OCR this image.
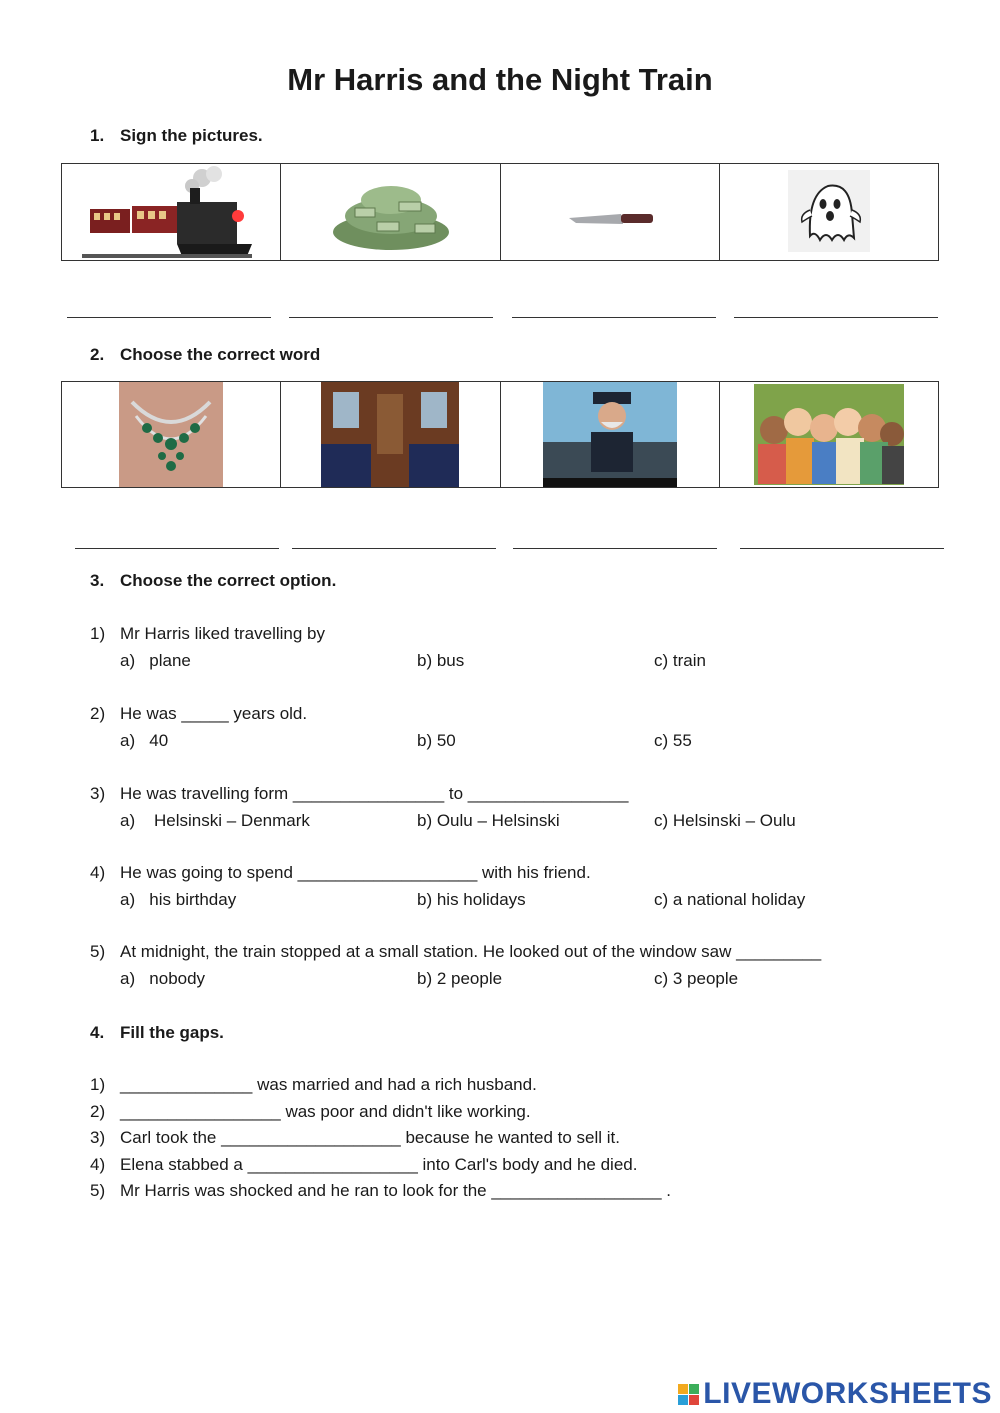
Mr Harris and the Night Train
1. Sign the pictures.
2. Choose the correct word
3. Choose the correct option.
1) Mr Harris liked travelling by
a)   plane	b) bus	c) train
2) He was _____ years old.
a)   40	b) 50	c) 55
3) He was travelling form ________________ to _________________
a)    Helsinski – Denmark	b) Oulu – Helsinski	c) Helsinski – Oulu
4) He was going to spend ___________________ with his friend.
a)   his birthday	b) his holidays	c) a national holiday
5) At midnight, the train stopped at a small station. He looked out of the window saw _________
a)   nobody	b) 2 people	c) 3 people
4. Fill the gaps.
1) ______________ was married and had a rich husband.
2) _________________ was poor and didn't like working.
3) Carl took the ___________________ because he wanted to sell it.
4) Elena stabbed a __________________ into Carl's body and he died.
5) Mr Harris was shocked and he ran to look for the __________________ .
LIVEWORKSHEETS
